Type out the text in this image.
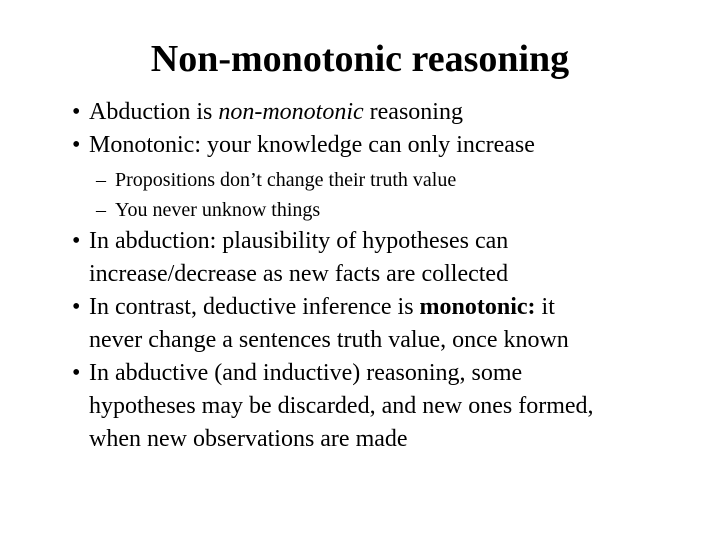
Non-monotonic reasoning
• Abduction is non-monotonic reasoning
• Monotonic: your knowledge can only increase
– Propositions don’t change their truth value
– You never unknow things
• In abduction: plausibility of hypotheses can
increase/decrease as new facts are collected
• In contrast, deductive inference is monotonic: it
never change a sentences truth value, once known
• In abductive (and inductive) reasoning, some
hypotheses may be discarded, and new ones formed,
when new observations are made
